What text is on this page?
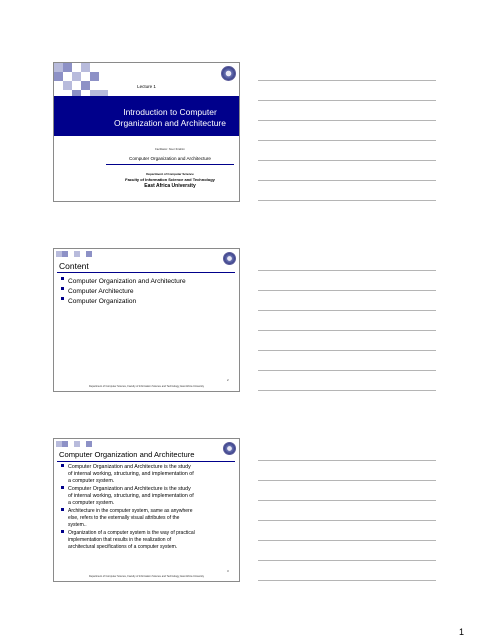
Lecture 1
Introduction to Computer
Organization and Architecture
Facilitator: Noor Ibrahim
Computer Organization and Architecture
Department of Computer Science
Faculty of Information Science and Technology
East Africa University
Content
Computer Organization and Architecture
Computer Architecture
Computer Organization
Department of Computer Science, Faculty of Information Science and Technology, East Africa University
2
Computer Organization and Architecture
Computer Organization and Architecture is the study
of internal working, structuring, and implementation of
a computer system.
Computer Organization and Architecture is the study
of internal working, structuring, and implementation of
a computer system.
Architecture in the computer system, same as anywhere
else, refers to the externally visual attributes of the
system..
Organization of a computer system is the way of practical
implementation that results in the realization of
architectural specifications of a computer system.
Department of Computer Science, Faculty of Information Science and Technology, East Africa University
3
1
